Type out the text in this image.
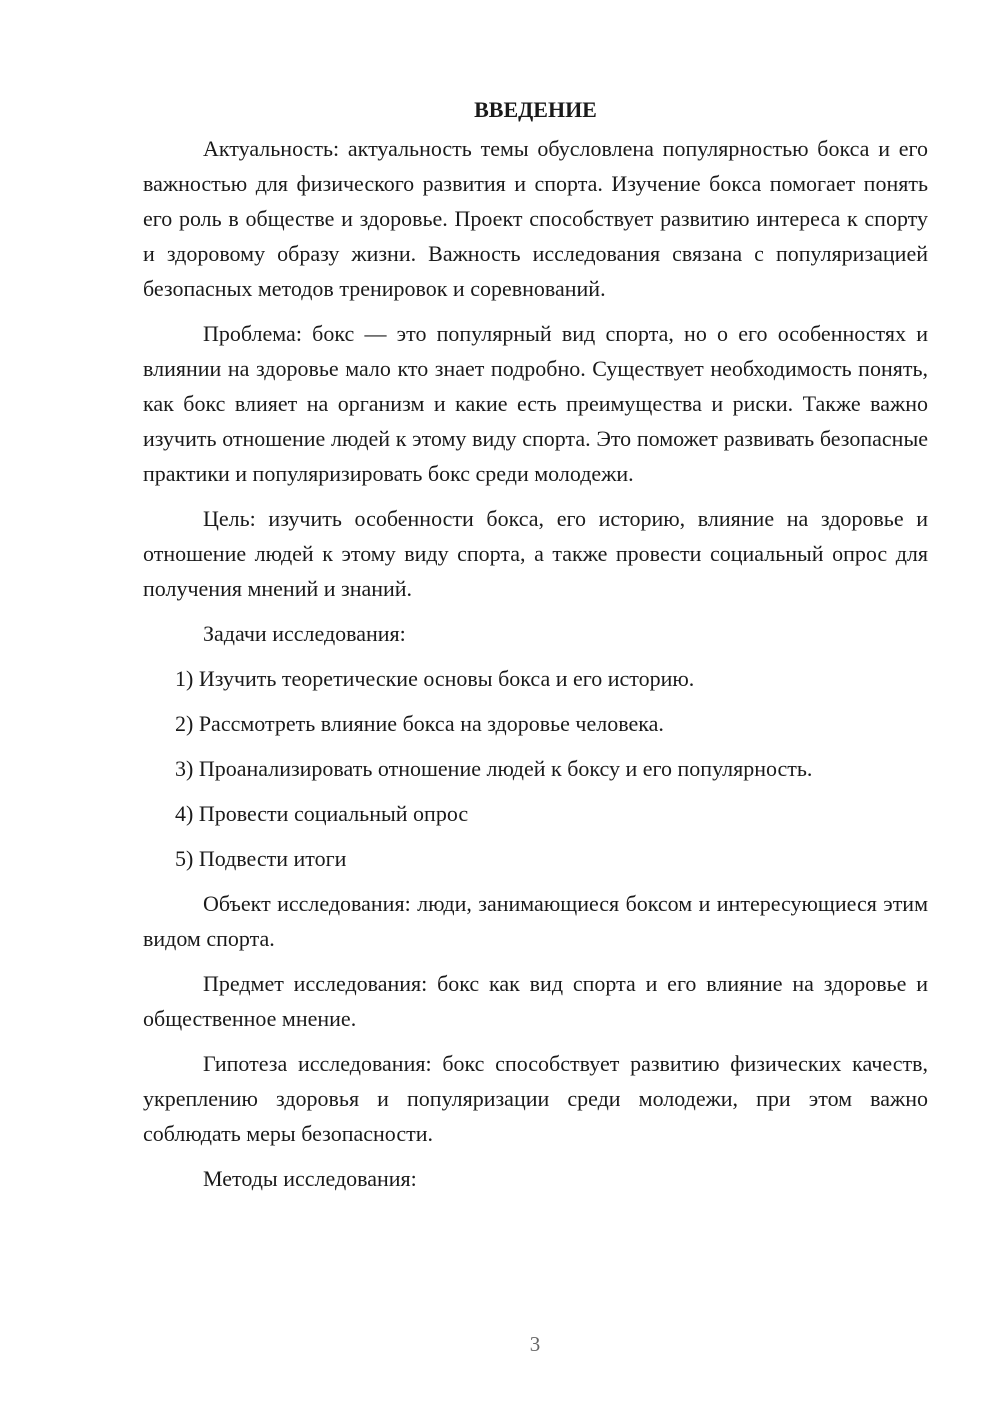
ВВЕДЕНИЕ

Актуальность: актуальность темы обусловлена популярностью бокса и его важностью для физического развития и спорта. Изучение бокса помогает понять его роль в обществе и здоровье. Проект способствует развитию интереса к спорту и здоровому образу жизни. Важность исследования связана с популяризацией безопасных методов тренировок и соревнований.

Проблема: бокс — это популярный вид спорта, но о его особенностях и влиянии на здоровье мало кто знает подробно. Существует необходимость понять, как бокс влияет на организм и какие есть преимущества и риски. Также важно изучить отношение людей к этому виду спорта. Это поможет развивать безопасные практики и популяризировать бокс среди молодежи.

Цель: изучить особенности бокса, его историю, влияние на здоровье и отношение людей к этому виду спорта, а также провести социальный опрос для получения мнений и знаний.

Задачи исследования:

1) Изучить теоретические основы бокса и его историю.
2) Рассмотреть влияние бокса на здоровье человека.
3) Проанализировать отношение людей к боксу и его популярность.
4) Провести социальный опрос
5) Подвести итоги

Объект исследования: люди, занимающиеся боксом и интересующиеся этим видом спорта.

Предмет исследования: бокс как вид спорта и его влияние на здоровье и общественное мнение.

Гипотеза исследования: бокс способствует развитию физических качеств, укреплению здоровья и популяризации среди молодежи, при этом важно соблюдать меры безопасности.

Методы исследования:

3
